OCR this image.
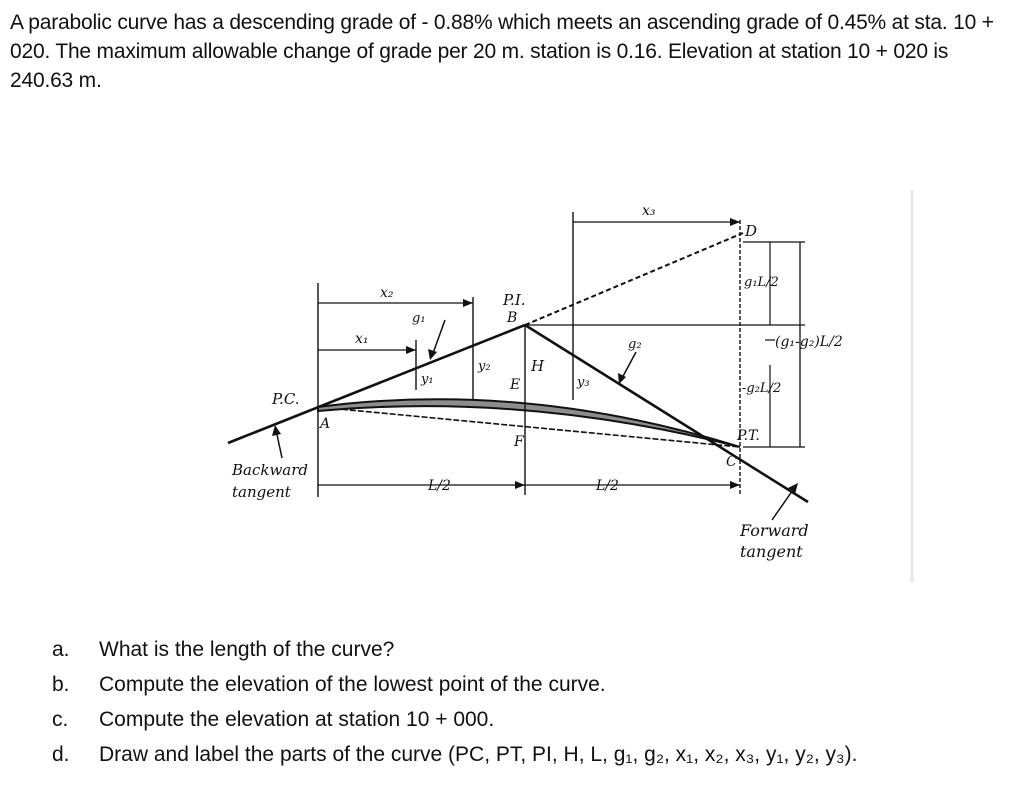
A parabolic curve has a descending grade of - 0.88% which meets an ascending grade of 0.45% at sta. 10 + 020. The maximum allowable change of grade per 20 m. station is 0.16. Elevation at station 10 + 020 is 240.63 m.

x₂
g₁
x₁
P.I.
B
x₃
D
g₁L/2
(g₁-g₂)L/2
g₂
H
y₁
y₂
y₃
E	-g₂L/2
P.C.
A
P.T.
F
C
L/2	L/2
Backward
tangent
Forward
tangent
a.	What is the length of the curve?
b.	Compute the elevation of the lowest point of the curve.
c.	Compute the elevation at station 10 + 000.
d.	Draw and label the parts of the curve (PC, PT, PI, H, L, g₁, g₂, x₁, x₂, x₃, y₁, y₂, y₃).
